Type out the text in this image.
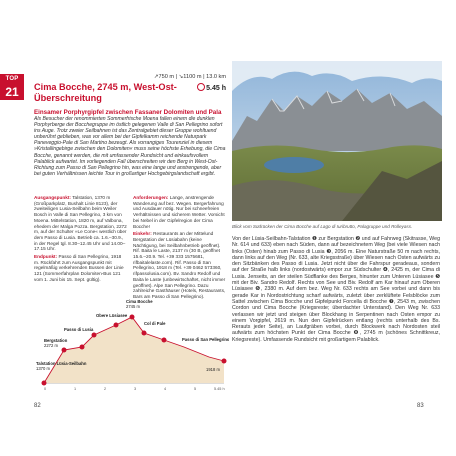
TOP
21
↗750 m | ↘1100 m | 13.0 km
Cima Bocche, 2745 m, West-Ost-Überschreitung
5.45 h
Einsamer Porphyrgipfel zwischen Fassaner Dolomiten und Pala
Als Besucher der renommierten Sommerfrische Moena fallen einem die dunklen Porphyrberge der Bocchegruppe im östlich gelegenen Valle di San Pellegrino sofort ins Auge. Trotz zweier Seilbahnen ist das Zentralgebiet dieser Gruppe wohltuend unberührt geblieben, was vor allem bei der Gipfelkamm reichende Naturpark Paneveggio-Pale di San Martino bezeugt. Als vorrangiges Tourenziel in diesem »Kristallingebirge zwischen den Dolomiten« muss seine höchste Erhebung, die Cima Bocche, genannt werden, die mit umfassender Rundsicht und einkaufsvollem Palablick aufwartet. Im vorliegenden Fall überschreiten wir den Berg in West-Ost-Richtung zum Passo di San Pellegrino hin, was eine lange und anstrengende, aber bei guten Verhältnissen leichte Tour in großartiger Hochgebirgslandschaft ergibt.

Ausgangspunkt: Talstation, 1370 m (Großparkplatz, Bushalt Linie 8123), der zweiteiligen Lusia-Seilbahn beim Weiler Bosch in Valle di San Pellegrino, 3 km von Moena. Mittelstation, 1820 m, auf Valbona, ehedem der Malga Pozza. Bergstation, 2272 m, auf der Schulter »Le Cone« westlich über dem Passo di Lusia. Betrieb ca. 1.6.–30.9., in der Regel tgl. 8.30–12.45 Uhr und 14.00–17.15 Uhr.

Endpunkt: Passo di San Pellegrino, 1918 m. Rückfahrt zum Ausgangspunkt mit regelmäßig verkehrenden Bussen der Linie 121 (Sommerfahrplan Dolomiten-Bus 121 vom 1. Juni bis 15. Sept. gültig).

Anforderungen: Lange, anstrengende Wanderung auf bez. Wegen. Bergerfahrung und Ausdauer nötig. Nur bei schneefreien Verhältnissen und sicherem Wetter. Vorsicht bei Nebel in der Gipfelregion der Cima Bocche!

Einkehr: Restaurants an der Mittelund Bergstation der Lüsiabahn (keine Nächtigung, bei Seilbahnbetrieb geöffnet). Rif. Baita le Laste, 2137 m (30 B, geöffnet 15.6.–20.9. Tel. +39 333 1575681, rifbaitalelaste.com). Rif. Passo di San Pellegrino, 1918 m (Tel. +39 0462 573360, rifpassolusia.com). Bv. Sandro Redolf und Baita le Laste (unbewirtschaftet, nicht immer geöffnet). Alpe San Pellegrino. Dazu zahlreiche Gasthäuser (Hotels, Restaurants, Bars am Passo di San Pellegrino).

Cima Bocche
2745 m
Obere Lüsiasee
Passo di Lusia
Bergstation
2272 m
Col di Pale
Passo di San Pellegrino
Talstation Lüsia-Seilbahn
1370 m	1918 m
0	1	2	3	4	5	5.45 h
82
Blick vom Südrücken der Cima Bocche auf Lago di Iuribrutto, Palagruppe und Rolleyass.
Von der Lüsia-Seilbahn-Talstation ❶ zur Bergstation ❷ und auf Fahrweg (Skitrasse, Weg Nr. 614 und 633) eben nach Süden, dann auf bezeichnetem Weg (bei viele Wiesen nach links (Osten) hinab zum Passo di Lusia ❸, 2056 m. Eine Naturstraße 50 m nach rechts, dann links auf den Weg (Nr. 633, alte Kriegsstraße) über Wiesen nach Osten aufwärts zu den Sitzbänken des Passo di Lusia. Jetzt nicht über die Fahrspur geradeaus, sondern auf der Straße halb links (nordostwärts) empor zur Südschulter ❹, 2425 m, der Cima di Lusia. Jenseits, an der steilen Südflanke des Berges, hinunter zum Unteren Lüsiasee ❺ mit der Biv. Sandro Redolf. Rechts von See und Biv. Redolf am Kar hinauf zum Oberen Lüsiasee ❻, 2380 m. Auf dem bez. Weg Nr. 633 rechts am See vorbei und dann bis gerade Kar in Nordostrichtung scharf aufwärts, zuletzt über zerklüftete Felsblöcke zum Sattel zwischen Cima Bocche und Gipfelpunkt Forcella di Bocche ❼, 2543 m, zwischen Cordon und Cima Bocche (Kriegsreste; überdachter Unterstand). Den Weg Nr. 633 verlassen wir jetzt und steigen über Blockhang in Serpentinen nach Osten empor zu einem Vorgipfel, 2619 m. Nun den Gipfelrücken entlang (rechts unterhalb des Bs. Rerauts jeder Seite), an Laufgräben vorbei, durch Blockwerk nach Nordosten steil aufwärts zum höchsten Punkt der Cima Bocche ❽, 2745 m (schönes Schnittkreuz, Kriegsreste). Umfassende Rundsicht mit großartigem Palablick.
83
